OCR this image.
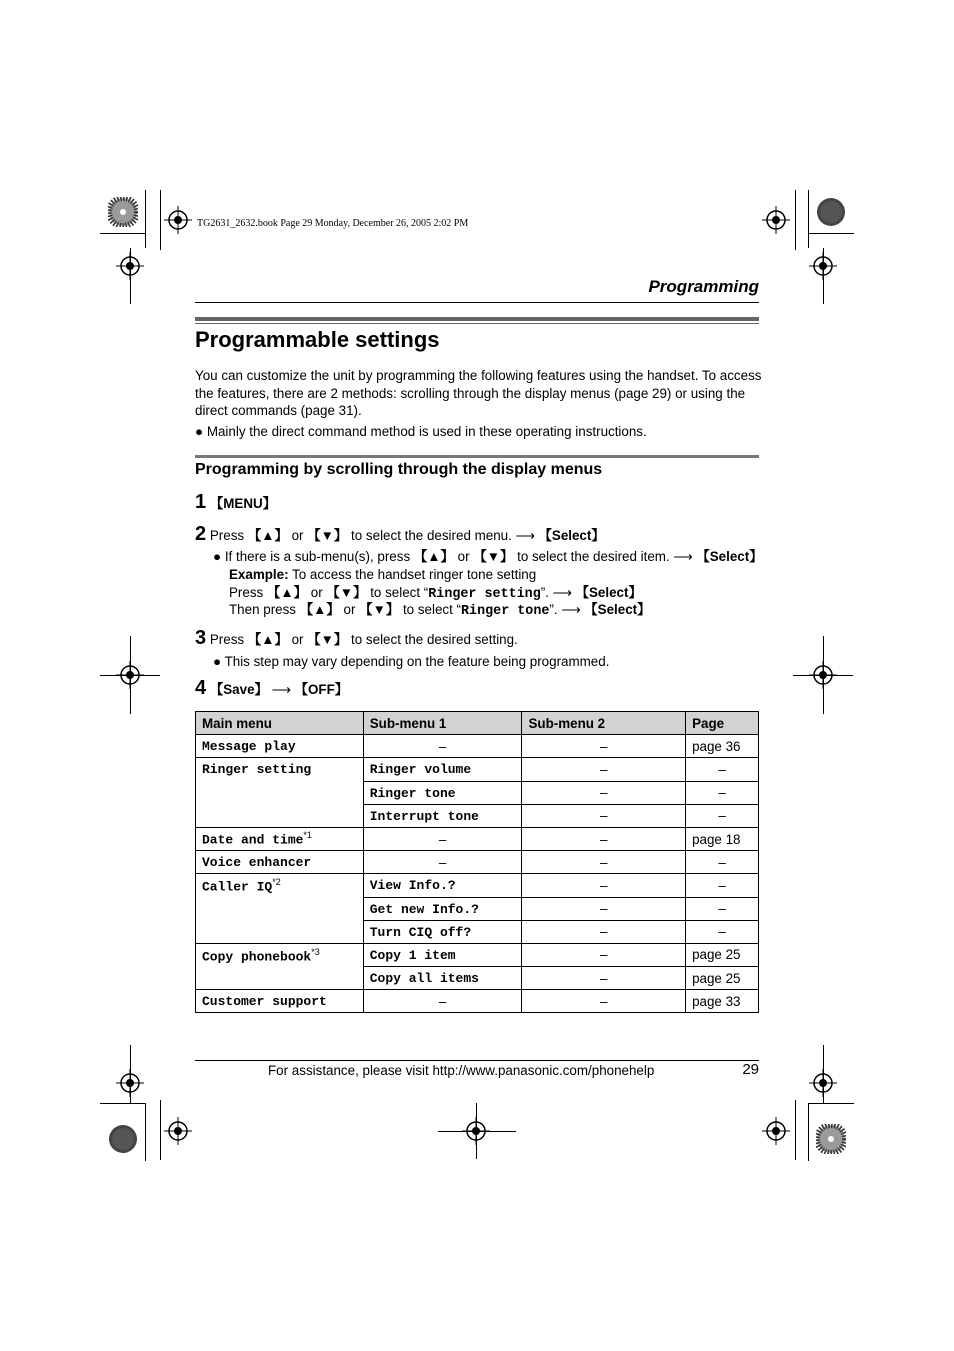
TG2631_2632.book Page 29 Monday, December 26, 2005 2:02 PM
Programming
Programmable settings
You can customize the unit by programming the following features using the handset. To access the features, there are 2 methods: scrolling through the display menus (page 29) or using the direct commands (page 31).
● Mainly the direct command method is used in these operating instructions.
Programming by scrolling through the display menus
1 【MENU】
2 Press 【▲】 or 【▼】 to select the desired menu. ⟶ 【Select】
● If there is a sub-menu(s), press 【▲】 or 【▼】 to select the desired item. ⟶ 【Select】
Example: To access the handset ringer tone setting
Press 【▲】 or 【▼】 to select “Ringer setting”. ⟶ 【Select】
Then press 【▲】 or 【▼】 to select “Ringer tone”. ⟶ 【Select】
3 Press 【▲】 or 【▼】 to select the desired setting.
● This step may vary depending on the feature being programmed.
4 【Save】 ⟶ 【OFF】
Main menu	Sub-menu 1	Sub-menu 2	Page
Message play	–	–	page 36
Ringer setting	Ringer volume	–	–
	Ringer tone	–	–
	Interrupt tone	–	–
Date and time$^{*1}$	–	–	page 18
Voice enhancer	–	–	–
Caller IQ$^{*2}$	View Info.?	–	–
	Get new Info.?	–	–
	Turn CIQ off?	–	–
Copy phonebook$^{*3}$	Copy 1 item	–	page 25
	Copy all items	–	page 25
Customer support	–	–	page 33
For assistance, please visit http://www.panasonic.com/phonehelp	29
